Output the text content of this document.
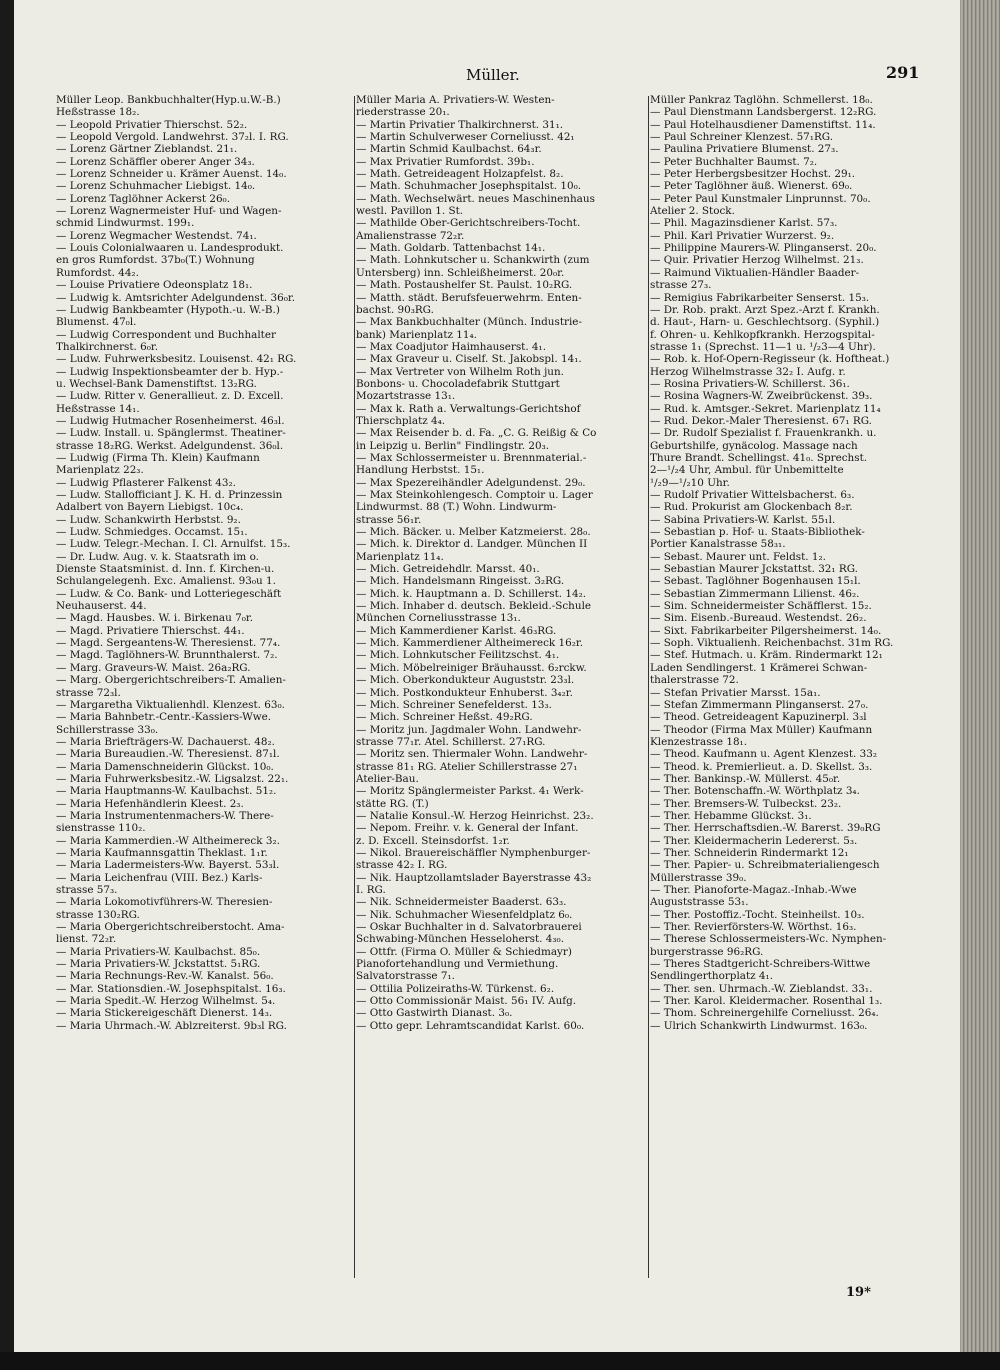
Müller.	291
Müller Leop. Bankbuchhalter(Hyp.u.W.-B.)
Heßstrasse 18₂.
— Leopold Privatier Thierschst. 52₂.
— Leopold Vergold. Landwehrst. 37₂l. I. RG.
— Lorenz Gärtner Zieblandst. 21₁.
— Lorenz Schäffler oberer Anger 34₃.
— Lorenz Schneider u. Krämer Auenst. 14₀.
— Lorenz Schuhmacher Liebigst. 14₀.
— Lorenz Taglöhner Ackerst 26₀.
— Lorenz Wagnermeister Huf- und Wagen-
schmid Lindwurmst. 199₁.
— Lorenz Wegmacher Westendst. 74₁.
— Louis Colonialwaaren u. Landesprodukt.
en gros Rumfordst. 37b₀(T.) Wohnung
Rumfordst. 44₂.
— Louise Privatiere Odeonsplatz 18₁.
— Ludwig k. Amtsrichter Adelgundenst. 36₀r.
— Ludwig Bankbeamter (Hypoth.-u. W.-B.)
Blumenst. 47₀l.
— Ludwig Correspondent und Buchhalter
Thalkirchnerst. 6₀r.
— Ludw. Fuhrwerksbesitz. Louisenst. 42₁ RG.
— Ludwig Inspektionsbeamter der b. Hyp.-
u. Wechsel-Bank Damenstiftst. 13₂RG.
— Ludw. Ritter v. Generallieut. z. D. Excell.
Heßstrasse 14₁.
— Ludwig Hutmacher Rosenheimerst. 46₃l.
— Ludw. Install. u. Spänglermst. Theatiner-
strasse 18₂RG. Werkst. Adelgundenst. 36₀l.
— Ludwig (Firma Th. Klein) Kaufmann
Marienplatz 22₃.
— Ludwig Pflasterer Falkenst 43₂.
— Ludw. Stallofficiant J. K. H. d. Prinzessin
Adalbert von Bayern Liebigst. 10c₄.
— Ludw. Schankwirth Herbstst. 9₂.
— Ludw. Schmiedges. Occamst. 15₁.
— Ludw. Telegr.-Mechan. I. Cl. Arnulfst. 15₃.
— Dr. Ludw. Aug. v. k. Staatsrath im o.
Dienste Staatsminist. d. Inn. f. Kirchen-u.
Schulangelegenh. Exc. Amalienst. 93₀u 1.
— Ludw. & Co. Bank- und Lotteriegeschäft
Neuhauserst. 44.
— Magd. Hausbes. W. i. Birkenau 7₀r.
— Magd. Privatiere Thierschst. 44₁.
— Magd. Sergeantens-W. Theresienst. 77₄.
— Magd. Taglöhners-W. Brunnthalerst. 7₂.
— Marg. Graveurs-W. Maist. 26a₂RG.
— Marg. Obergerichtschreibers-T. Amalien-
strasse 72₃l.
— Margaretha Viktualienhdl. Klenzest. 63₀.
— Maria Bahnbetr.-Centr.-Kassiers-Wwe.
Schillerstrasse 33₀.
— Maria Briefträgers-W. Dachauerst. 48₂.
— Maria Bureaudien.-W. Theresienst. 87₁l.
— Maria Damenschneiderin Glückst. 10₀.
— Maria Fuhrwerksbesitz.-W. Ligsalzst. 22₁.
— Maria Hauptmanns-W. Kaulbachst. 51₂.
— Maria Hefenhändlerin Kleest. 2₃.
— Maria Instrumentenmachers-W. There-
sienstrasse 110₂.
— Maria Kammerdien.-W Altheimereck 3₂.
— Maria Kaufmannsgattin Theklast. 1₁r.
— Maria Ladermeisters-Ww. Bayerst. 53₃l.
— Maria Leichenfrau (VIII. Bez.) Karls-
strasse 57₃.
— Maria Lokomotivführers-W. Theresien-
strasse 130₂RG.
— Maria Obergerichtschreiberstocht. Ama-
lienst. 72₂r.
— Maria Privatiers-W. Kaulbachst. 85₀.
— Maria Privatiers-W. Jckstattst. 5₁RG.
— Maria Rechnungs-Rev.-W. Kanalst. 56₀.
— Mar. Stationsdien.-W. Josephspitalst. 16₃.
— Maria Spedit.-W. Herzog Wilhelmst. 5₄.
— Maria Stickereigeschäft Dienerst. 14₃.
— Maria Uhrmach.-W. Ablzreiterst. 9b₃l RG.
Müller Maria A. Privatiers-W. Westen-
riederstrasse 20₁.
— Martin Privatier Thalkirchnerst. 31₁.
— Martin Schulverweser Corneliusst. 42₁
— Martin Schmid Kaulbachst. 64₃r.
— Max Privatier Rumfordst. 39b₁.
— Math. Getreideagent Holzapfelst. 8₂.
— Math. Schuhmacher Josephspitalst. 10₀.
— Math. Wechselwärt. neues Maschinenhaus
westl. Pavillon 1. St.
— Mathilde Ober-Gerichtschreibers-Tocht.
Amalienstrasse 72₂r.
— Math. Goldarb. Tattenbachst 14₁.
— Math. Lohnkutscher u. Schankwirth (zum
Untersberg) inn. Schleißheimerst. 20₀r.
— Math. Postaushelfer St. Paulst. 10₂RG.
— Matth. städt. Berufsfeuerwehrm. Enten-
bachst. 90₃RG.
— Max Bankbuchhalter (Münch. Industrie-
bank) Marienplatz 11₄.
— Max Coadjutor Haimhauserst. 4₁.
— Max Graveur u. Ciself. St. Jakobspl. 14₁.
— Max Vertreter von Wilhelm Roth jun.
Bonbons- u. Chocoladefabrik Stuttgart
Mozartstrasse 13₁.
— Max k. Rath a. Verwaltungs-Gerichtshof
Thierschplatz 4₄.
— Max Reisender b. d. Fa. „C. G. Reißig & Co
in Leipzig u. Berlin" Findlingstr. 20₃.
— Max Schlossermeister u. Brennmaterial.-
Handlung Herbstst. 15₁.
— Max Spezereihändler Adelgundenst. 29₀.
— Max Steinkohlengesch. Comptoir u. Lager
Lindwurmst. 88 (T.) Wohn. Lindwurm-
strasse 56₁r.
— Mich. Bäcker. u. Melber Katzmeierst. 28₀.
— Mich. k. Direktor d. Landger. München II
Marienplatz 11₄.
— Mich. Getreidehdlr. Marsst. 40₁.
— Mich. Handelsmann Ringeisst. 3₂RG.
— Mich. k. Hauptmann a. D. Schillerst. 14₂.
— Mich. Inhaber d. deutsch. Bekleid.-Schule
München Corneliusstrasse 13₁.
— Mich Kammerdiener Karlst. 46₃RG.
— Mich. Kammerdiener Altheimereck 16₂r.
— Mich. Lohnkutscher Feilitzschst. 4₁.
— Mich. Möbelreiniger Bräuhausst. 6₂rckw.
— Mich. Oberkondukteur Auguststr. 23₃l.
— Mich. Postkondukteur Enhuberst. 3₄₂r.
— Mich. Schreiner Senefelderst. 13₃.
— Mich. Schreiner Heßst. 49₂RG.
— Moritz jun. Jagdmaler Wohn. Landwehr-
strasse 77₁r. Atel. Schillerst. 27₁RG.
— Moritz sen. Thiermaler Wohn. Landwehr-
strasse 81₁ RG. Atelier Schillerstrasse 27₁
Atelier-Bau.
— Moritz Spänglermeister Parkst. 4₁ Werk-
stätte RG. (T.)
— Natalie Konsul.-W. Herzog Heinrichst. 23₂.
— Nepom. Freihr. v. k. General der Infant.
z. D. Excell. Steinsdorfst. 1₂r.
— Nikol. Brauereischäffler Nymphenburger-
strasse 42₂ I. RG.
— Nik. Hauptzollamtslader Bayerstrasse 43₂
I. RG.
— Nik. Schneidermeister Baaderst. 63₃.
— Nik. Schuhmacher Wiesenfeldplatz 6₀.
— Oskar Buchhalter in d. Salvatorbrauerei
Schwabing-München Hesseloherst. 4₃₀.
— Ottfr. (Firma O. Müller & Schiedmayr)
Pianofortehandlung und Vermiethung.
Salvatorstrasse 7₁.
— Ottilia Polizeiraths-W. Türkenst. 6₂.
— Otto Commissionär Maist. 56₁ IV. Aufg.
— Otto Gastwirth Dianast. 3₀.
— Otto gepr. Lehramtscandidat Karlst. 60₀.
Müller Pankraz Taglöhn. Schmellerst. 18₀.
— Paul Dienstmann Landsbergerst. 12₂RG.
— Paul Hotelhausdiener Damenstiftst. 11₄.
— Paul Schreiner Klenzest. 57₁RG.
— Paulina Privatiere Blumenst. 27₃.
— Peter Buchhalter Baumst. 7₂.
— Peter Herbergsbesitzer Hochst. 29₁.
— Peter Taglöhner äuß. Wienerst. 69₀.
— Peter Paul Kunstmaler Linprunnst. 70₀.
Atelier 2. Stock.
— Phil. Magazinsdiener Karlst. 57₃.
— Phil. Karl Privatier Wurzerst. 9₂.
— Philippine Maurers-W. Plinganserst. 20₀.
— Quir. Privatier Herzog Wilhelmst. 21₃.
— Raimund Viktualien-Händler Baader-
strasse 27₃.
— Remigius Fabrikarbeiter Senserst. 15₃.
— Dr. Rob. prakt. Arzt Spez.-Arzt f. Krankh.
d. Haut-, Harn- u. Geschlechtsorg. (Syphil.)
f. Ohren- u. Kehlkopfkrankh. Herzogspital-
strasse 1₁ (Sprechst. 11—1 u. ¹/₂3—4 Uhr).
— Rob. k. Hof-Opern-Regisseur (k. Hoftheat.)
Herzog Wilhelmstrasse 32₂ I. Aufg. r.
— Rosina Privatiers-W. Schillerst. 36₁.
— Rosina Wagners-W. Zweibrückenst. 39₃.
— Rud. k. Amtsger.-Sekret. Marienplatz 11₄
— Rud. Dekor.-Maler Theresienst. 67₁ RG.
— Dr. Rudolf Spezialist f. Frauenkrankh. u.
Geburtshilfe, gynäcolog. Massage nach
Thure Brandt. Schellingst. 41₀. Sprechst.
2—¹/₂4 Uhr, Ambul. für Unbemittelte
¹/₂9—¹/₂10 Uhr.
— Rudolf Privatier Wittelsbacherst. 6₃.
— Rud. Prokurist am Glockenbach 8₂r.
— Sabina Privatiers-W. Karlst. 55₁l.
— Sebastian p. Hof- u. Staats-Bibliothek-
Portier Kanalstrasse 58₃₁.
— Sebast. Maurer unt. Feldst. 1₂.
— Sebastian Maurer Jckstattst. 32₁ RG.
— Sebast. Taglöhner Bogenhausen 15₁l.
— Sebastian Zimmermann Lilienst. 46₂.
— Sim. Schneidermeister Schäfflerst. 15₂.
— Sim. Eisenb.-Bureaud. Westendst. 26₂.
— Sixt. Fabrikarbeiter Pilgersheimerst. 14₀.
— Soph. Viktualienh. Reichenbachst. 31m RG.
— Stef. Hutmach. u. Kräm. Rindermarkt 12₁
Laden Sendlingerst. 1 Krämerei Schwan-
thalerstrasse 72.
— Stefan Privatier Marsst. 15a₁.
— Stefan Zimmermann Plinganserst. 27₀.
— Theod. Getreideagent Kapuzinerpl. 3₃l
— Theodor (Firma Max Müller) Kaufmann
Klenzestrasse 18₁.
— Theod. Kaufmann u. Agent Klenzest. 33₂
— Theod. k. Premierlieut. a. D. Skellst. 3₃.
— Ther. Bankinsp.-W. Müllerst. 45₀r.
— Ther. Botenschaffn.-W. Wörthplatz 3₄.
— Ther. Bremsers-W. Tulbeckst. 23₂.
— Ther. Hebamme Glückst. 3₁.
— Ther. Herrschaftsdien.-W. Barerst. 39₀RG
— Ther. Kleidermacherin Ledererst. 5₃.
— Ther. Schneiderin Rindermarkt 12₁
— Ther. Papier- u. Schreibmaterialiengesch
Müllerstrasse 39₀.
— Ther. Pianoforte-Magaz.-Inhab.-Wwe
Auguststrasse 53₁.
— Ther. Postoffiz.-Tocht. Steinheilst. 10₃.
— Ther. Revierförsters-W. Wörthst. 16₃.
— Therese Schlossermeisters-Wc. Nymphen-
burgerstrasse 96₂RG.
— Theres Stadtgericht-Schreibers-Wittwe
Sendlingerthorplatz 4₁.
— Ther. sen. Uhrmach.-W. Zieblandst. 33₁.
— Ther. Karol. Kleidermacher. Rosenthal 1₃.
— Thom. Schreinergehilfe Corneliusst. 26₄.
— Ulrich Schankwirth Lindwurmst. 163₀.
19*
